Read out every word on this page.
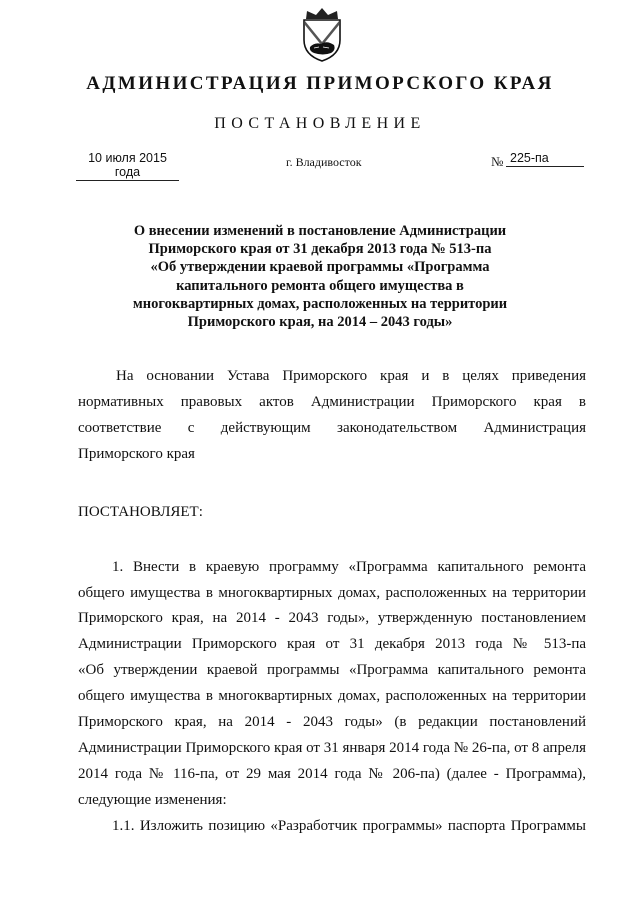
АДМИНИСТРАЦИЯ ПРИМОРСКОГО КРАЯ
ПОСТАНОВЛЕНИЕ
10 июля 2015 года
г. Владивосток	№ 225-па
О внесении изменений в постановление Администрации
Приморского края от 31 декабря 2013 года № 513-па
«Об утверждении краевой программы «Программа
капитального ремонта общего имущества в
многоквартирных домах, расположенных на территории
Приморского края, на 2014 – 2043 годы»
На основании Устава Приморского края и в целях приведения
нормативных правовых актов Администрации Приморского края в
соответствие с действующим законодательством Администрация
Приморского края
ПОСТАНОВЛЯЕТ:
1. Внести в краевую программу «Программа капитального ремонта
общего имущества в многоквартирных домах, расположенных на территории
Приморского края, на 2014 - 2043 годы», утвержденную постановлением
Администрации Приморского края от 31 декабря 2013 года № 513-па
«Об утверждении краевой программы «Программа капитального ремонта
общего имущества в многоквартирных домах, расположенных на территории
Приморского края, на 2014 - 2043 годы» (в редакции постановлений
Администрации Приморского края от 31 января 2014 года № 26-па, от 8 апреля
2014 года № 116-па, от 29 мая 2014 года № 206-па) (далее - Программа),
следующие изменения:
1.1. Изложить позицию «Разработчик программы» паспорта Программы
